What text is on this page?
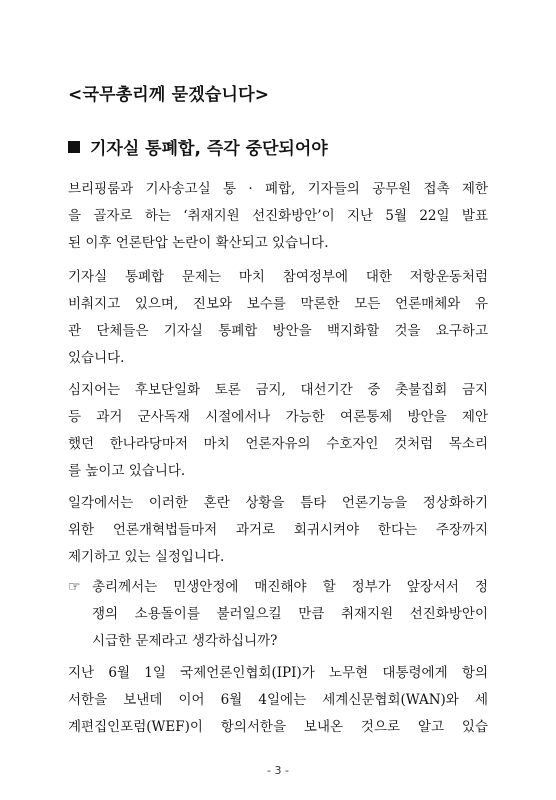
<국무총리께 묻겠습니다>
기자실 통폐합, 즉각 중단되어야
브리핑룸과 기사송고실 통 · 폐합, 기자들의 공무원 접촉 제한
을 골자로 하는 ‘취재지원 선진화방안’이 지난 5월 22일 발표
된 이후 언론탄압 논란이 확산되고 있습니다.
기자실 통폐합 문제는 마치 참여정부에 대한 저항운동처럼
비춰지고 있으며, 진보와 보수를 막론한 모든 언론매체와 유
관 단체들은 기자실 통폐합 방안을 백지화할 것을 요구하고
있습니다.
심지어는 후보단일화 토론 금지, 대선기간 중 촛불집회 금지
등 과거 군사독재 시절에서나 가능한 여론통제 방안을 제안
했던 한나라당마저 마치 언론자유의 수호자인 것처럼 목소리
를 높이고 있습니다.
일각에서는 이러한 혼란 상황을 틈타 언론기능을 정상화하기
위한 언론개혁법들마저 과거로 회귀시켜야 한다는 주장까지
제기하고 있는 실정입니다.
☞ 총리께서는 민생안정에 매진해야 할 정부가 앞장서서 정
쟁의 소용돌이를 불러일으킬 만큼 취재지원 선진화방안이
시급한 문제라고 생각하십니까?
지난 6월 1일 국제언론인협회(IPI)가 노무현 대통령에게 항의
서한을 보낸데 이어 6월 4일에는 세계신문협회(WAN)와 세
계편집인포럼(WEF)이 항의서한을 보내온 것으로 알고 있습
- 3 -
